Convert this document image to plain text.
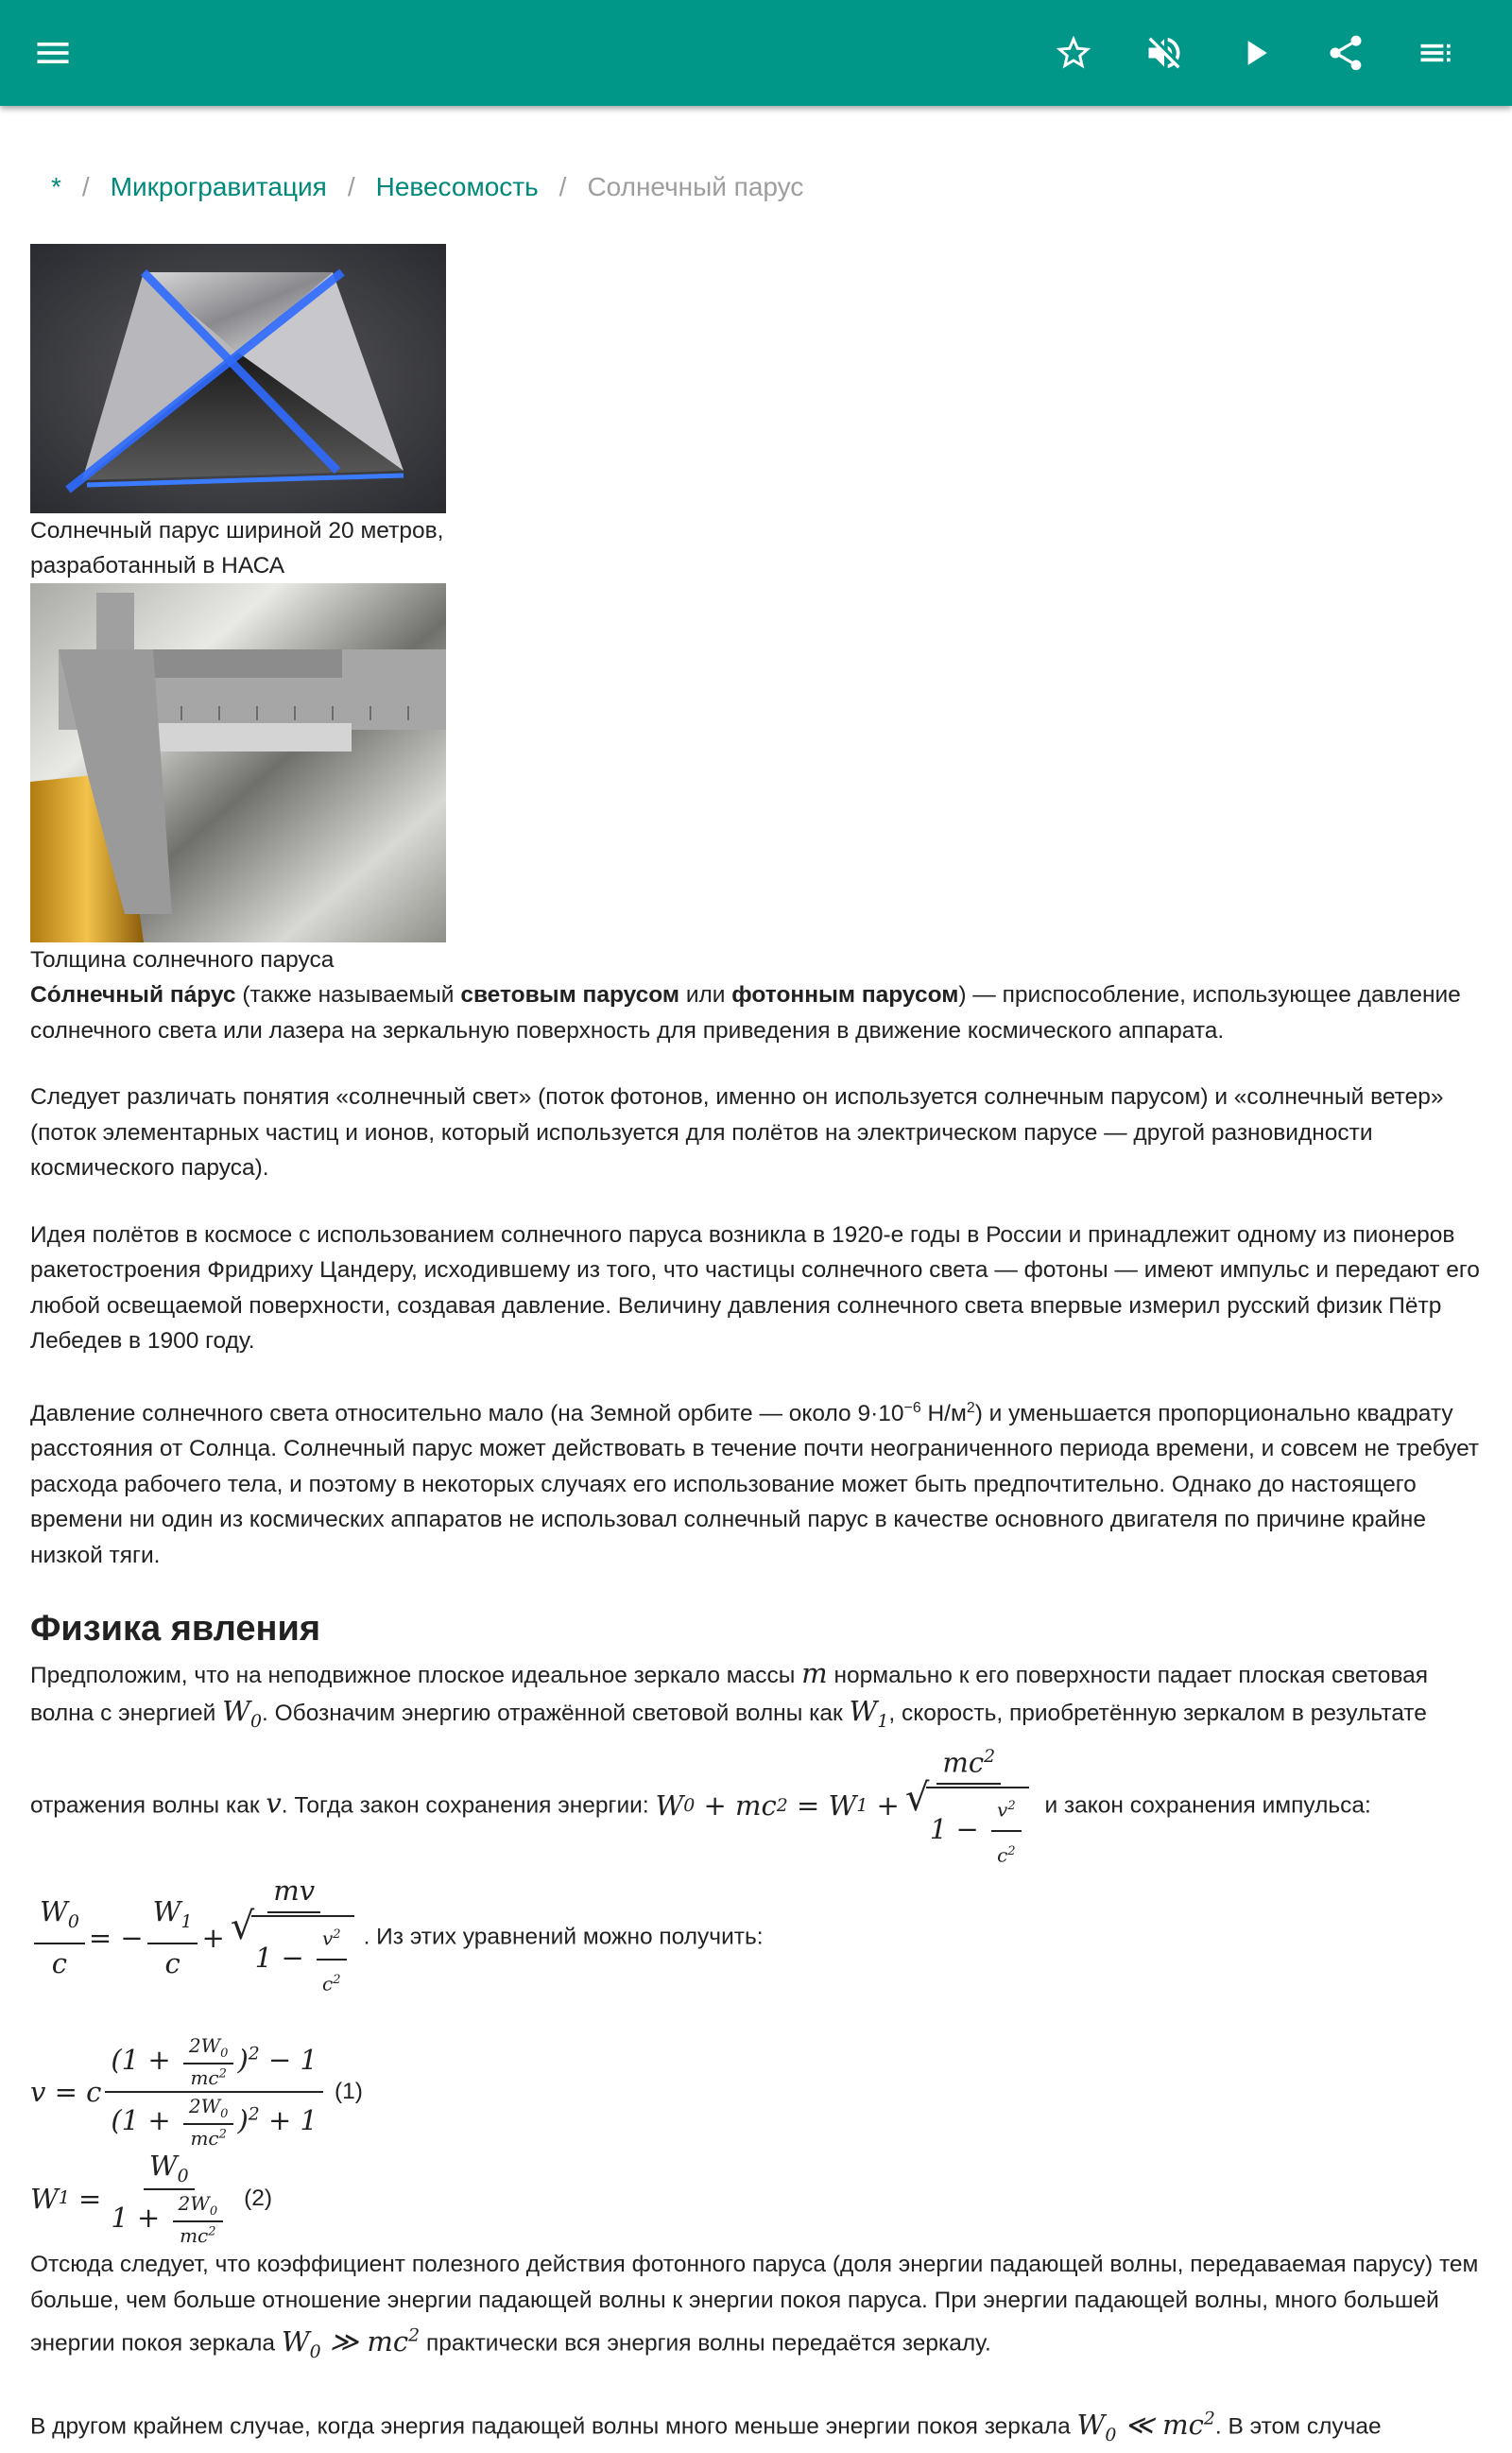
* / Микрогравитация / Невесомость / Солнечный парус
Солнечный парус шириной 20 метров, разработанный в НАСА
Толщина солнечного паруса

Со́лнечный па́рус (также называемый световым парусом или фотонным парусом) — приспособление, использующее давление солнечного света или лазера на зеркальную поверхность для приведения в движение космического аппарата.

Следует различать понятия «солнечный свет» (поток фотонов, именно он используется солнечным парусом) и «солнечный ветер» (поток элементарных частиц и ионов, который используется для полётов на электрическом парусе — другой разновидности космического паруса).

Идея полётов в космосе с использованием солнечного паруса возникла в 1920-е годы в России и принадлежит одному из пионеров ракетостроения Фридриху Цандеру, исходившему из того, что частицы солнечного света — фотоны — имеют импульс и передают его любой освещаемой поверхности, создавая давление. Величину давления солнечного света впервые измерил русский физик Пётр Лебедев в 1900 году.

Давление солнечного света относительно мало (на Земной орбите — около $9\cdot 10^{-6}$ $Н/м^2$) и уменьшается пропорционально квадрату расстояния от Солнца. Солнечный парус может действовать в течение почти неограниченного периода времени, и совсем не требует расхода рабочего тела, и поэтому в некоторых случаях его использование может быть предпочтительно. Однако до настоящего времени ни один из космических аппаратов не использовал солнечный парус в качестве основного двигателя по причине крайне низкой тяги.

Физика явления

Предположим, что на неподвижное плоское идеальное зеркало массы m нормально к его поверхности падает плоская световая волна с энергией $W_0$. Обозначим энергию отражённой световой волны как $W_1$, скорость, приобретённую зеркалом в результате отражения волны как v. Тогда закон сохранения энергии: W 0
+ mc 2
= W 1
+ $mc^2$
√ $1 - \frac{v^2}{c^2}$ и закон сохранения импульса:
$\frac{W_0}{c}$ =
− $\frac{W_1}{c}$ + mv
√ $1 - \frac{v^2}{c^2}$ . Из этих уравнений можно получить:

v = c $\frac{(1 + \frac{2W_0}{mc^2} )^2 - 1}{(1 + \frac{2W_0}{mc^2} )^2 + 1} (1)$
W 1
= $\frac{W_0}{1 + \frac{2W_0}{mc^2}} (2)$

Отсюда следует, что коэффициент полезного действия фотонного паруса (доля энергии падающей волны, передаваемая парусу) тем больше, чем больше отношение энергии падающей волны к энергии покоя паруса. При энергии падающей волны, много большей энергии покоя зеркала $W_0$ ≫ $mc^2$ практически вся энергия волны передаётся зеркалу.

В другом крайнем случае, когда энергия падающей волны много меньше энергии покоя зеркала $W_0$ ≪ $mc^2$. В этом случае
